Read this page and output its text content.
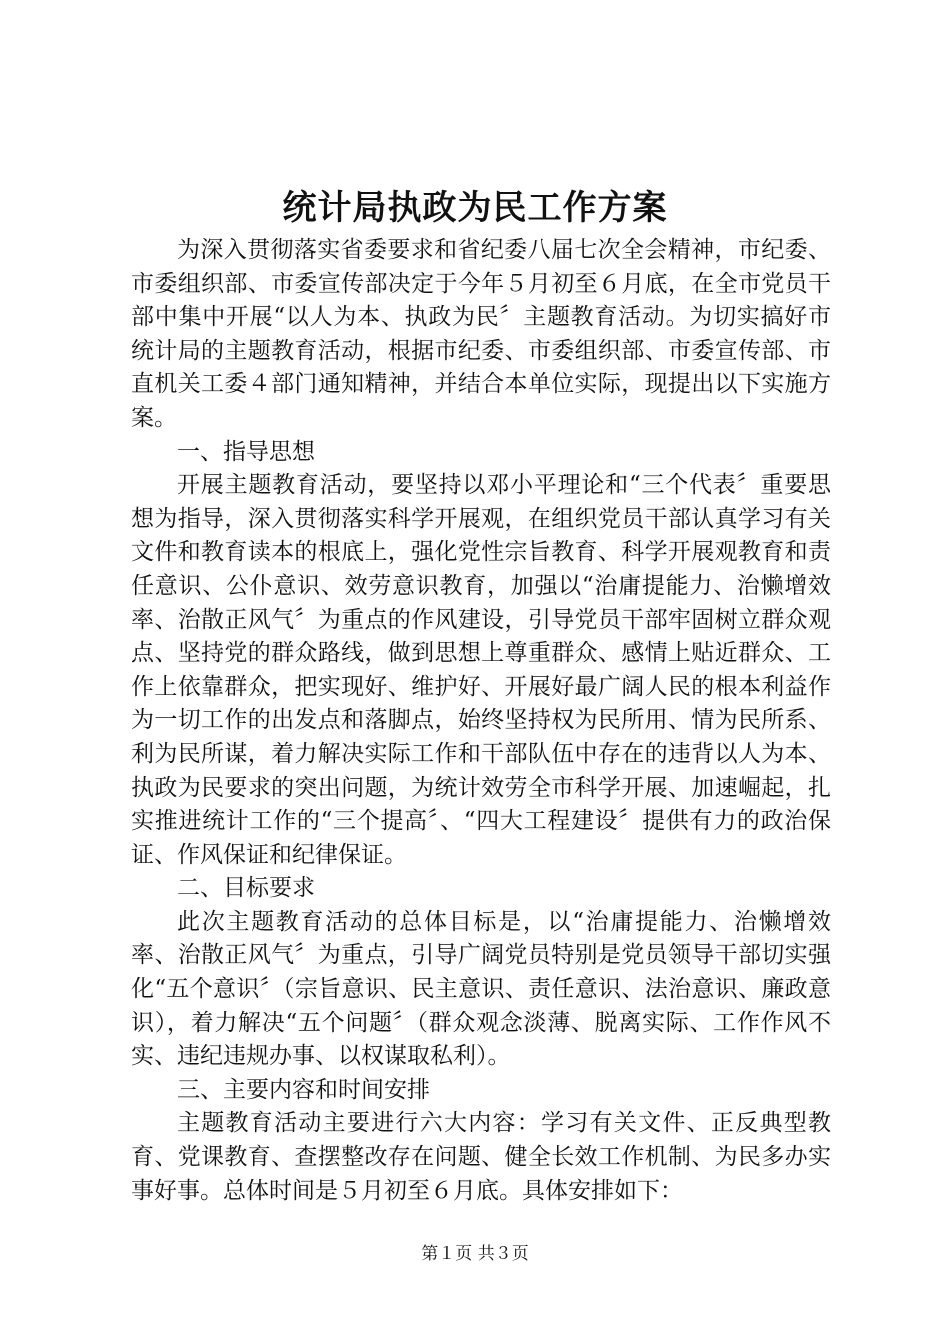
统计局执政为民工作方案

为深入贯彻落实省委要求和省纪委八届七次全会精神，市纪委、市委组织部、市委宣传部决定于今年５月初至６月底，在全市党员干部中集中开展“以人为本、执政为民〞主题教育活动。为切实搞好市统计局的主题教育活动，根据市纪委、市委组织部、市委宣传部、市直机关工委４部门通知精神，并结合本单位实际，现提出以下实施方案。

一、指导思想

开展主题教育活动，要坚持以邓小平理论和“三个代表〞重要思想为指导，深入贯彻落实科学开展观，在组织党员干部认真学习有关文件和教育读本的根底上，强化党性宗旨教育、科学开展观教育和责任意识、公仆意识、效劳意识教育，加强以“治庸提能力、治懒增效率、治散正风气〞为重点的作风建设，引导党员干部牢固树立群众观点、坚持党的群众路线，做到思想上尊重群众、感情上贴近群众、工作上依靠群众，把实现好、维护好、开展好最广阔人民的根本利益作为一切工作的出发点和落脚点，始终坚持权为民所用、情为民所系、利为民所谋，着力解决实际工作和干部队伍中存在的违背以人为本、执政为民要求的突出问题，为统计效劳全市科学开展、加速崛起，扎实推进统计工作的“三个提高〞、“四大工程建设〞提供有力的政治保证、作风保证和纪律保证。

二、目标要求

此次主题教育活动的总体目标是，以“治庸提能力、治懒增效率、治散正风气〞为重点，引导广阔党员特别是党员领导干部切实强化“五个意识〞（宗旨意识、民主意识、责任意识、法治意识、廉政意识），着力解决“五个问题〞（群众观念淡薄、脱离实际、工作作风不实、违纪违规办事、以权谋取私利）。

三、主要内容和时间安排

主题教育活动主要进行六大内容：学习有关文件、正反典型教育、党课教育、查摆整改存在问题、健全长效工作机制、为民多办实事好事。总体时间是５月初至６月底。具体安排如下：

第１页 共３页
